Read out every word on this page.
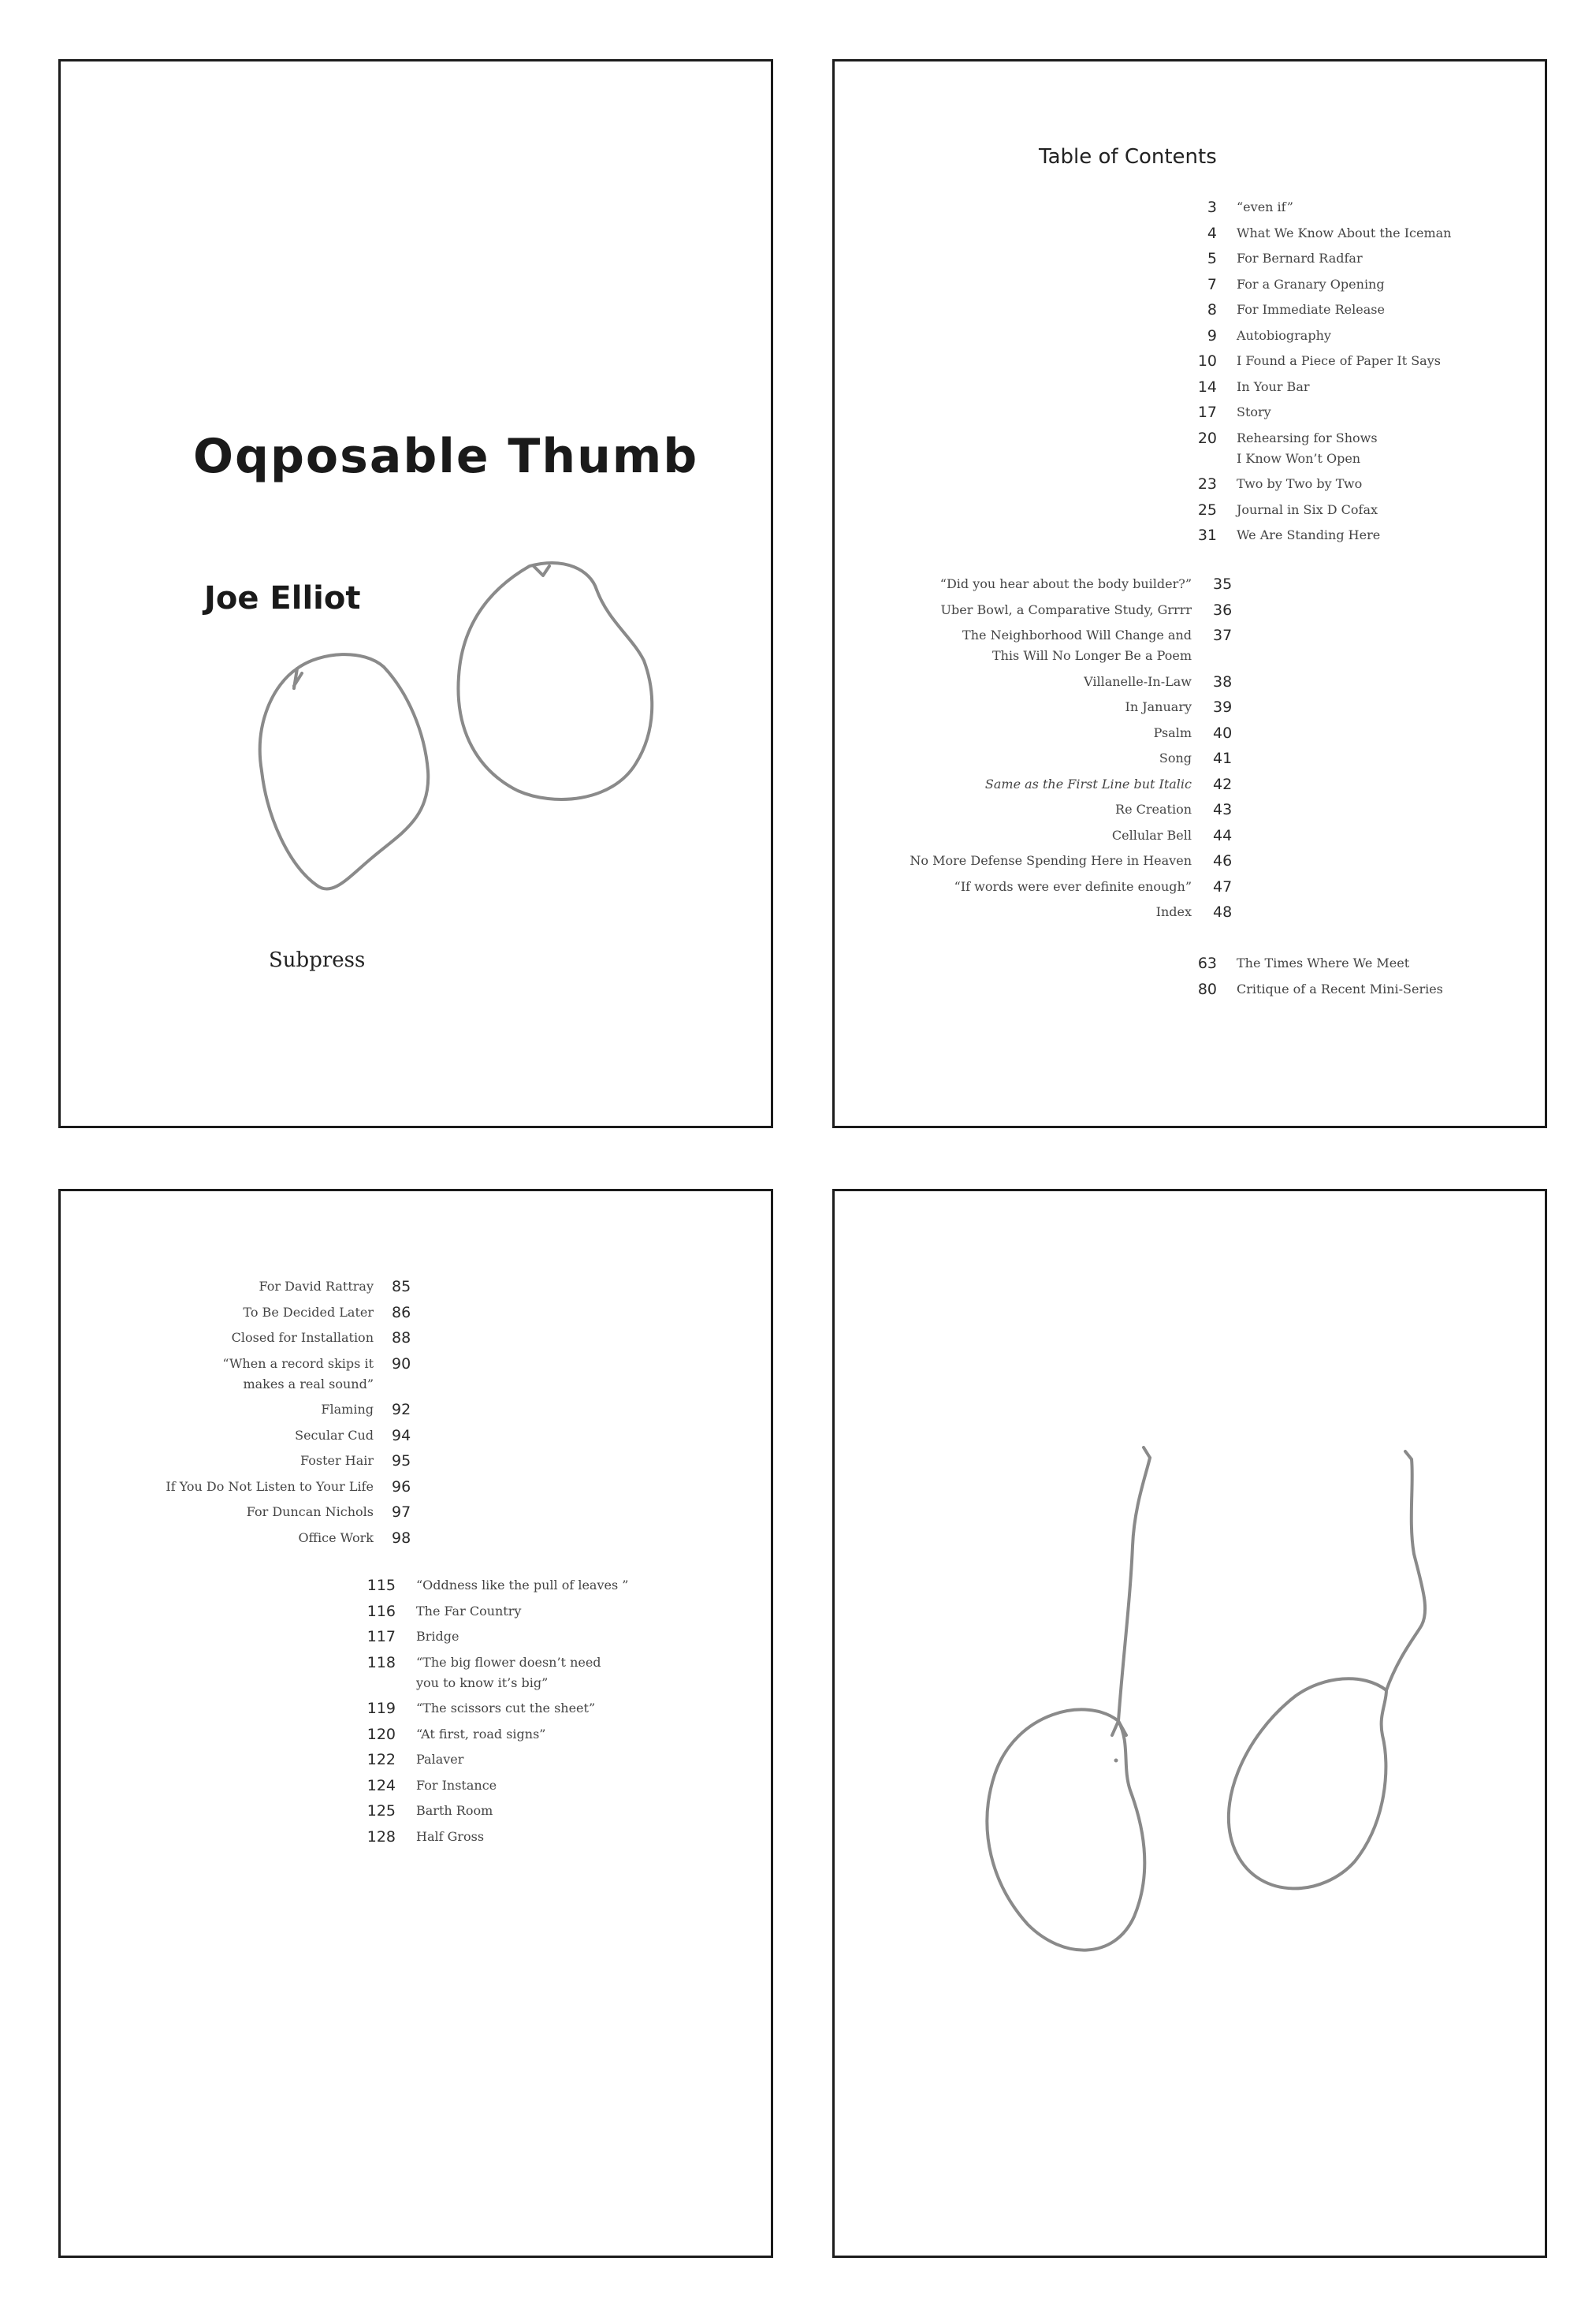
Oqposable Thumb
Joe Elliot
Subpress
Table of Contents
3 “even if”
4 What We Know About the Iceman
5 For Bernard Radfar
7 For a Granary Opening
8 For Immediate Release
9 Autobiography
10 I Found a Piece of Paper It Says
14 In Your Bar
17 Story
20 Rehearsing for Shows
I Know Won’t Open
23 Two by Two by Two
25 Journal in Six D Cofax
31 We Are Standing Here
35
“Did you hear about the body builder?”
36
Uber Bowl, a Comparative Study, Grrrr
37
The Neighborhood Will Change and
This Will No Longer Be a Poem
38
Villanelle-In-Law
39
In January
40
Psalm
41
Song
42
Same as the First Line but Italic
43
Re Creation
44
Cellular Bell
46
No More Defense Spending Here in Heaven
47
“If words were ever definite enough”
48
Index
63 The Times Where We Meet
80 Critique of a Recent Mini-Series
85
For David Rattray
86
To Be Decided Later
88
Closed for Installation
90
“When a record skips it
makes a real sound”
92
Flaming
94
Secular Cud
95
Foster Hair
96
If You Do Not Listen to Your Life
97
For Duncan Nichols
98
Office Work
115 “Oddness like the pull of leaves ”
116 The Far Country
117 Bridge
118 “The big flower doesn’t need
you to know it’s big”
119 “The scissors cut the sheet”
120 “At first, road signs”
122 Palaver
124 For Instance
125 Barth Room
128 Half Gross
